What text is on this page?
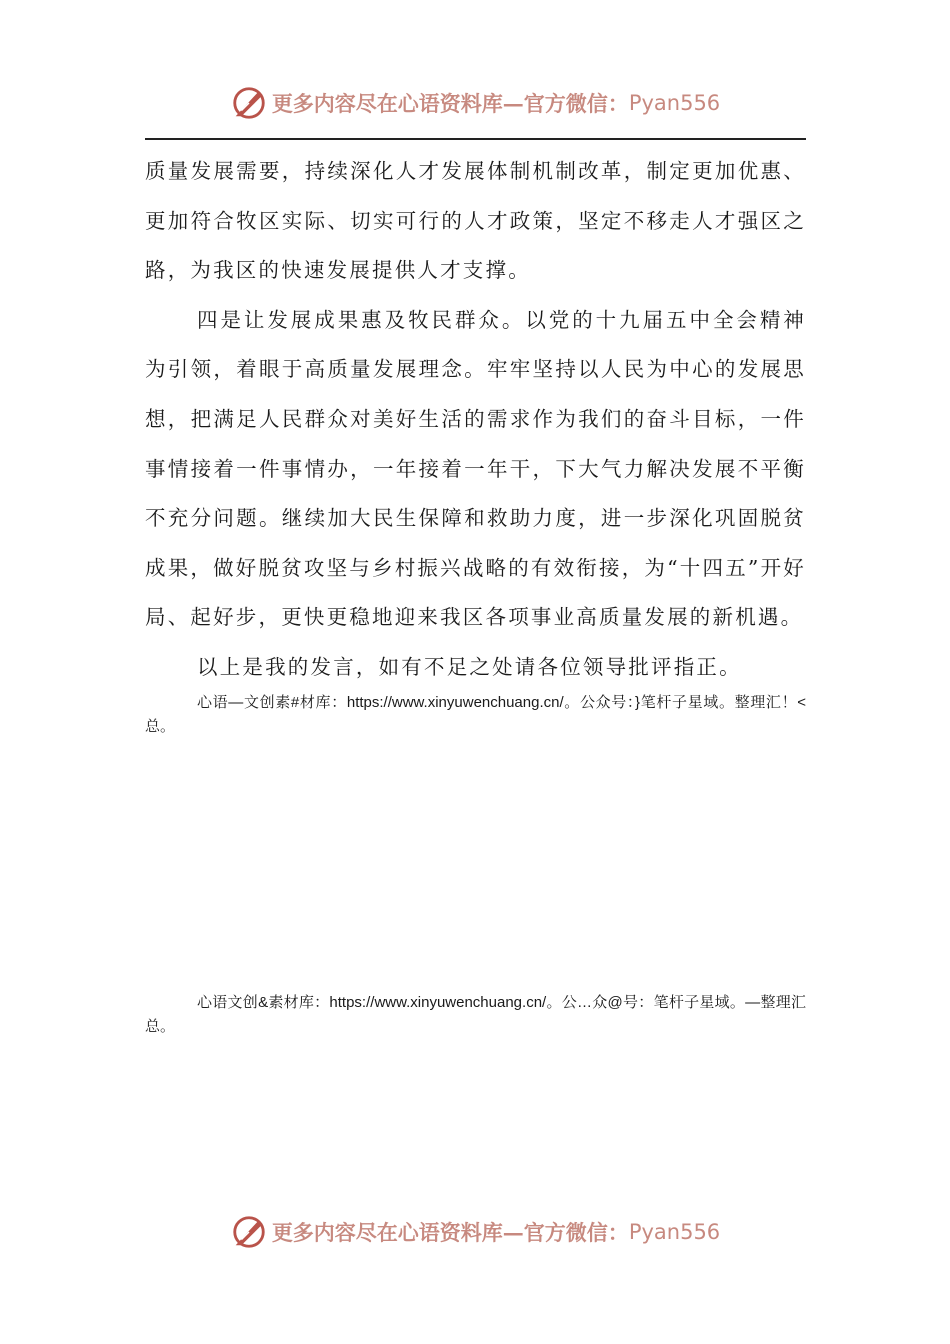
更多内容尽在心语资料库—官方微信： Pyan556

质量发展需要，持续深化人才发展体制机制改革，制定更加优惠、更加符合牧区实际、切实可行的人才政策，坚定不移走人才强区之路，为我区的快速发展提供人才支撑。

四是让发展成果惠及牧民群众。以党的十九届五中全会精神为引领，着眼于高质量发展理念。牢牢坚持以人民为中心的发展思想，把满足人民群众对美好生活的需求作为我们的奋斗目标，一件事情接着一件事情办，一年接着一年干，下大气力解决发展不平衡不充分问题。继续加大民生保障和救助力度，进一步深化巩固脱贫成果，做好脱贫攻坚与乡村振兴战略的有效衔接，为“十四五”开好局、起好步，更快更稳地迎来我区各项事业高质量发展的新机遇。

以上是我的发言，如有不足之处请各位领导批评指正。

心语—文创素#材库：https://www.xinyuwenchuang.cn/。公众号：}笔杆子星域。整理汇！<总。

心语文创&素材库：https://www.xinyuwenchuang.cn/。公…众@号：笔杆子星域。—整理汇总。

更多内容尽在心语资料库—官方微信： Pyan556
